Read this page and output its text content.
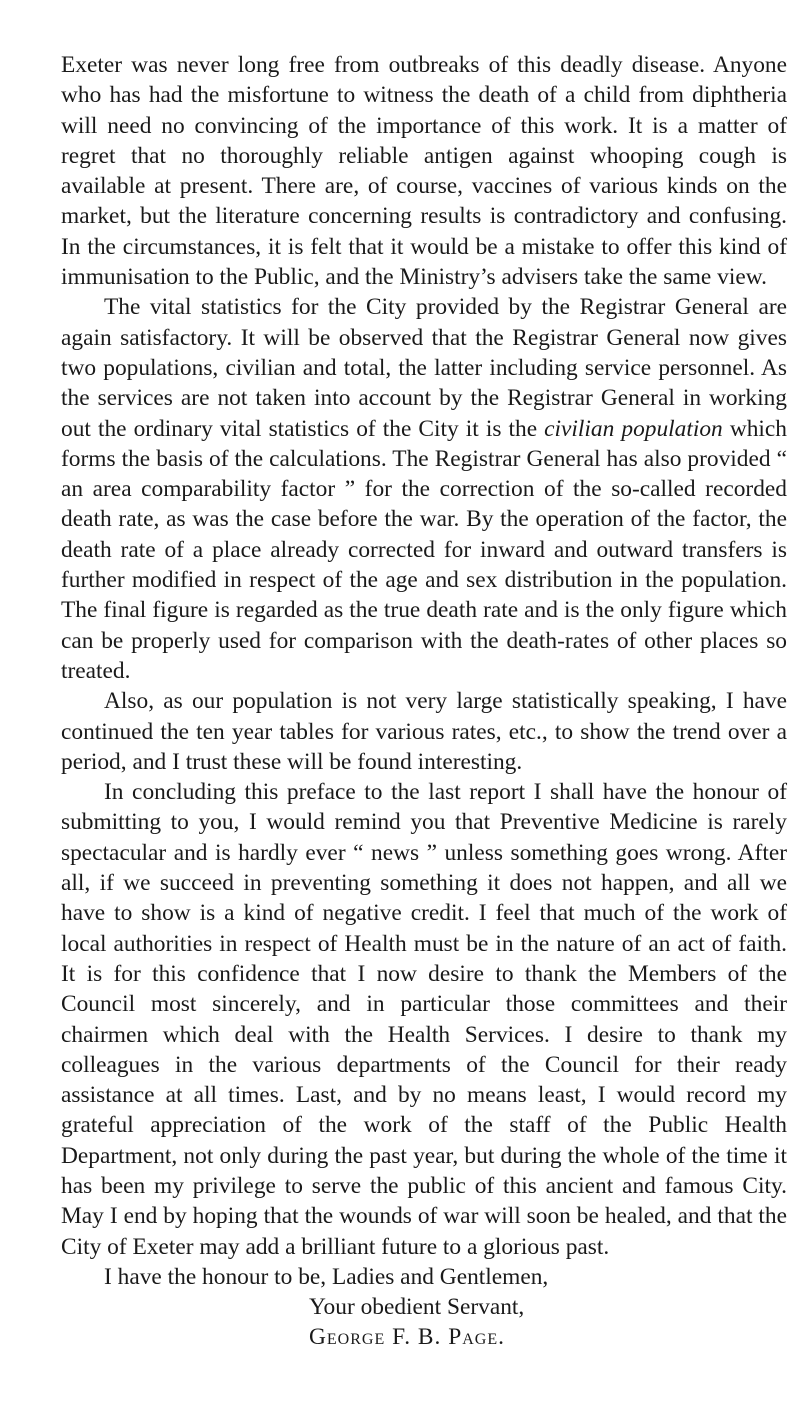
Exeter was never long free from outbreaks of this deadly disease. Anyone who has had the misfortune to witness the death of a child from diphtheria will need no convincing of the importance of this work. It is a matter of regret that no thoroughly reliable antigen against whooping cough is available at present. There are, of course, vaccines of various kinds on the market, but the literature concerning results is contradictory and confusing. In the circumstances, it is felt that it would be a mistake to offer this kind of immunisation to the Public, and the Ministry’s advisers take the same view.

The vital statistics for the City provided by the Registrar General are again satisfactory. It will be observed that the Registrar General now gives two populations, civilian and total, the latter including service personnel. As the services are not taken into account by the Registrar General in working out the ordinary vital statistics of the City it is the civilian population which forms the basis of the calculations. The Registrar General has also provided “ an area comparability factor ” for the correction of the so-called recorded death rate, as was the case before the war. By the operation of the factor, the death rate of a place already corrected for inward and outward transfers is further modified in respect of the age and sex distribution in the population. The final figure is regarded as the true death rate and is the only figure which can be properly used for comparison with the death-rates of other places so treated.

Also, as our population is not very large statistically speaking, I have continued the ten year tables for various rates, etc., to show the trend over a period, and I trust these will be found interesting.

In concluding this preface to the last report I shall have the honour of submitting to you, I would remind you that Preventive Medicine is rarely spectacular and is hardly ever “ news ” unless something goes wrong. After all, if we succeed in preventing something it does not happen, and all we have to show is a kind of negative credit. I feel that much of the work of local authorities in respect of Health must be in the nature of an act of faith. It is for this confidence that I now desire to thank the Members of the Council most sincerely, and in particular those committees and their chairmen which deal with the Health Services. I desire to thank my colleagues in the various departments of the Council for their ready assistance at all times. Last, and by no means least, I would record my grateful appreciation of the work of the staff of the Public Health Department, not only during the past year, but during the whole of the time it has been my privilege to serve the public of this ancient and famous City. May I end by hoping that the wounds of war will soon be healed, and that the City of Exeter may add a brilliant future to a glorious past.

I have the honour to be, Ladies and Gentlemen,
Your obedient Servant,
George F. B. Page.
